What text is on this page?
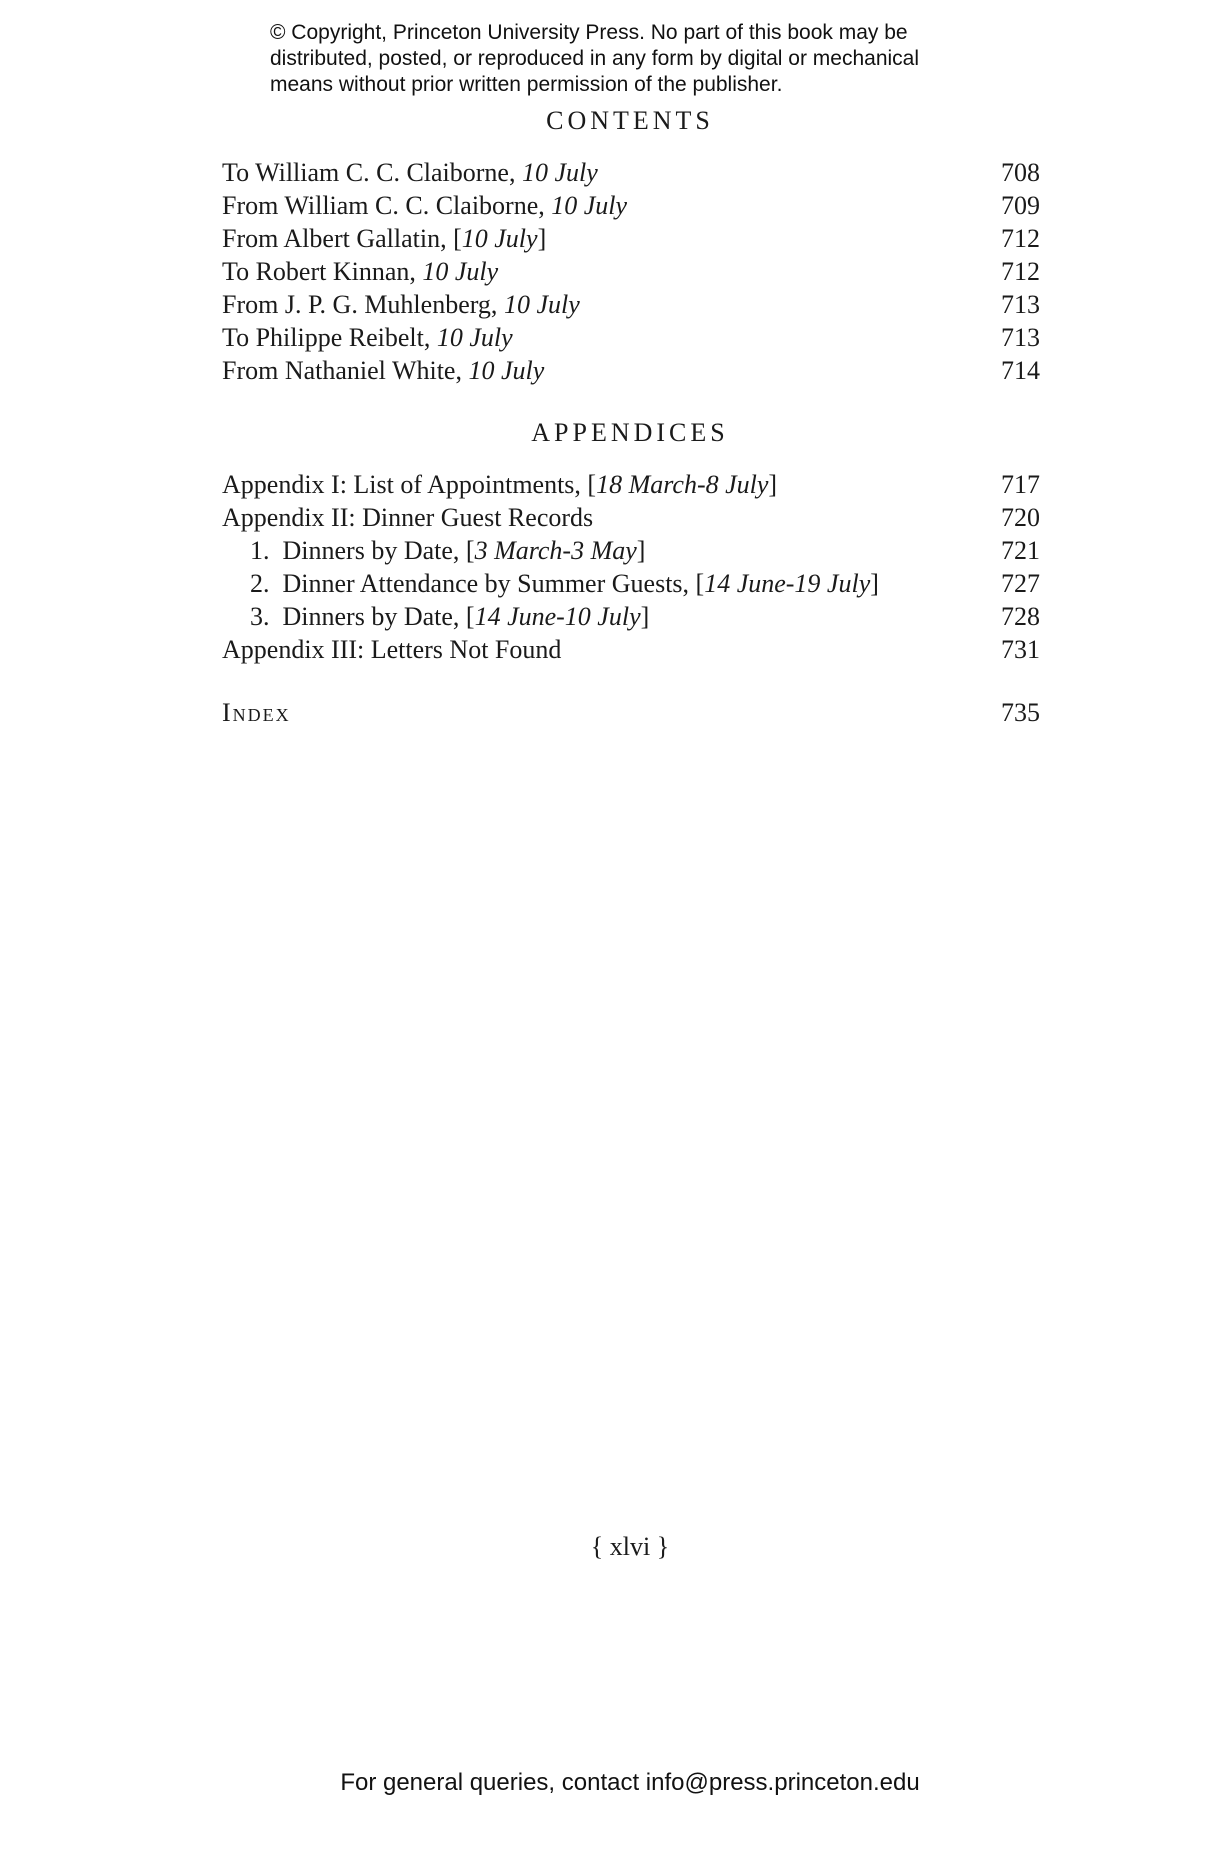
© Copyright, Princeton University Press. No part of this book may be
distributed, posted, or reproduced in any form by digital or mechanical
means without prior written permission of the publisher.
CONTENTS
To William C. C. Claiborne, 10 July	708
From William C. C. Claiborne, 10 July	709
From Albert Gallatin, [10 July]	712
To Robert Kinnan, 10 July	712
From J. P. G. Muhlenberg, 10 July	713
To Philippe Reibelt, 10 July	713
From Nathaniel White, 10 July	714
APPENDICES
Appendix I: List of Appointments, [18 March-8 July]	717
Appendix II: Dinner Guest Records	720
1.  Dinners by Date, [3 March-3 May]	721
2.  Dinner Attendance by Summer Guests, [14 June-19 July]	727
3.  Dinners by Date, [14 June-10 July]	728
Appendix III: Letters Not Found	731
Index	735
{ xlvi }
For general queries, contact info@press.princeton.edu
